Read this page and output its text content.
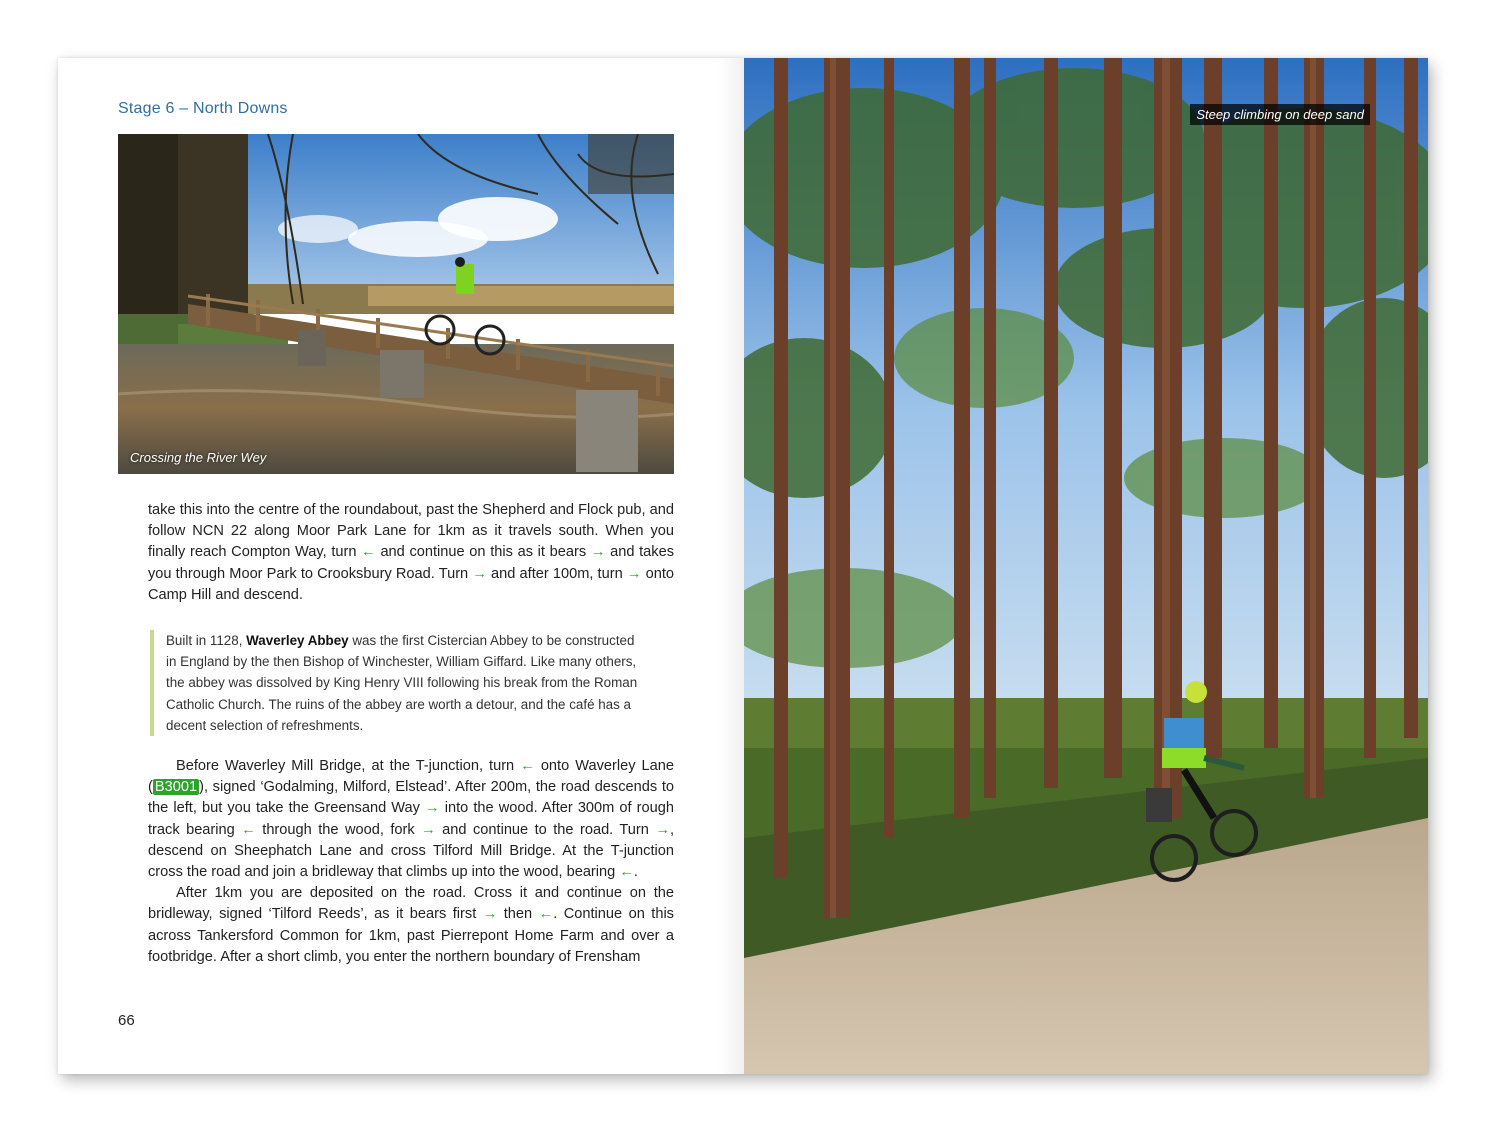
Stage 6 – North Downs
Crossing the River Wey

take this into the centre of the roundabout, past the Shepherd and Flock pub, and follow NCN 22 along Moor Park Lane for 1km as it travels south. When you finally reach Compton Way, turn ← and continue on this as it bears → and takes you through Moor Park to Crooksbury Road. Turn → and after 100m, turn → onto Camp Hill and descend.

Built in 1128, Waverley Abbey was the first Cistercian Abbey to be constructed in England by the then Bishop of Winchester, William Giffard. Like many others, the abbey was dissolved by King Henry VIII following his break from the Roman Catholic Church. The ruins of the abbey are worth a detour, and the café has a decent selection of refreshments.

Before Waverley Mill Bridge, at the T-junction, turn ← onto Waverley Lane ( B3001 ), signed ‘Godalming, Milford, Elstead’. After 200m, the road descends to the left, but you take the Greensand Way → into the wood. After 300m of rough track bearing ← through the wood, fork → and continue to the road. Turn →, descend on Sheephatch Lane and cross Tilford Mill Bridge. At the T-junction cross the road and join a bridleway that climbs up into the wood, bearing ←.

After 1km you are deposited on the road. Cross it and continue on the bridleway, signed ‘Tilford Reeds’, as it bears first → then ←. Continue on this across Tankersford Common for 1km, past Pierrepont Home Farm and over a footbridge. After a short climb, you enter the northern boundary of Frensham

66
Steep climbing on deep sand
